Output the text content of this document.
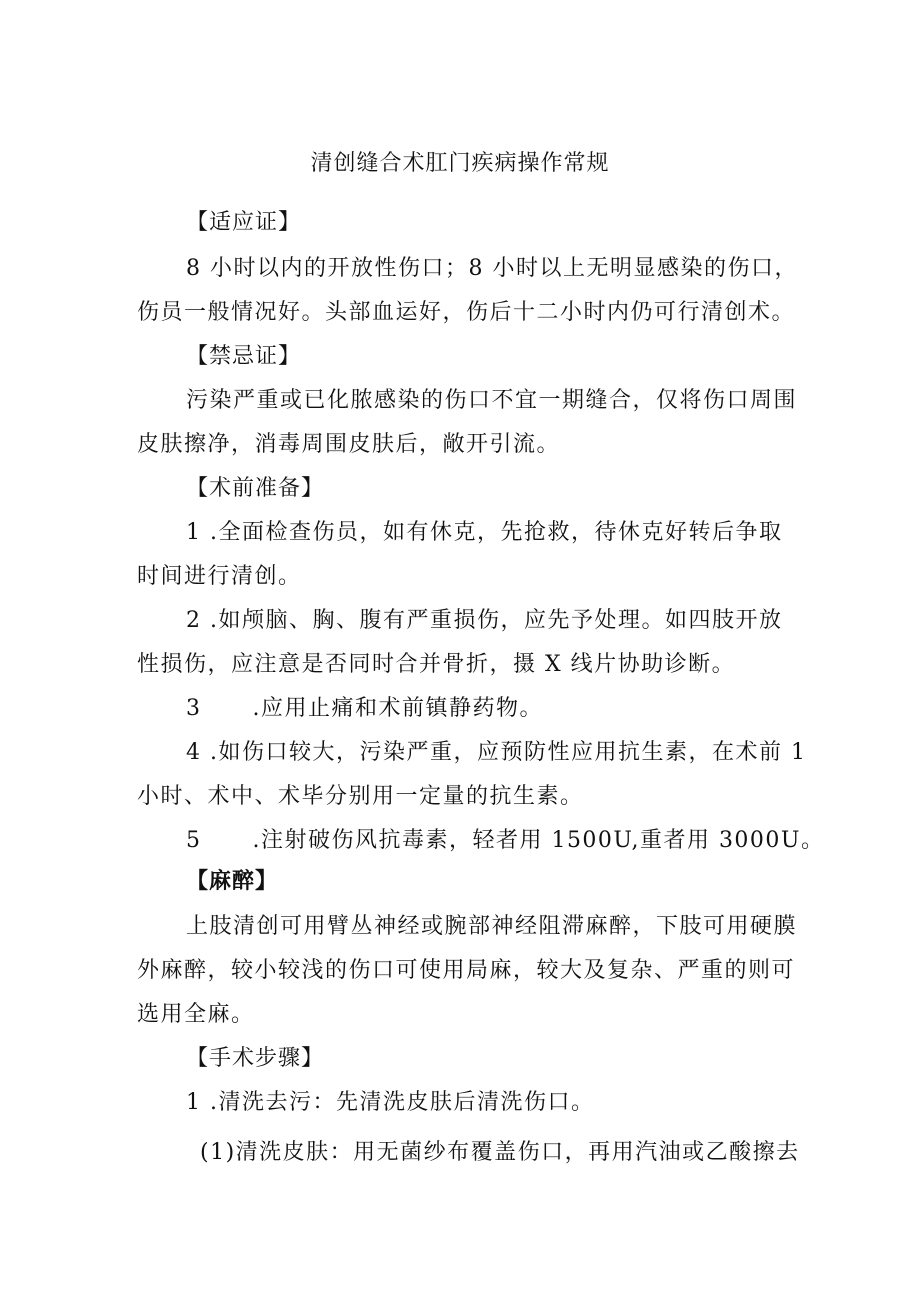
清创缝合术肛门疾病操作常规
【适应证】
8 小时以内的开放性伤口；8 小时以上无明显感染的伤口，
伤员一般情况好。头部血运好，伤后十二小时内仍可行清创术。
【禁忌证】
污染严重或已化脓感染的伤口不宜一期缝合，仅将伤口周围
皮肤擦净，消毒周围皮肤后，敞开引流。
【术前准备】
1 .全面检查伤员，如有休克，先抢救，待休克好转后争取
时间进行清创。
2 .如颅脑、胸、腹有严重损伤，应先予处理。如四肢开放
性损伤，应注意是否同时合并骨折，摄 X 线片协助诊断。
3      .应用止痛和术前镇静药物。
4 .如伤口较大，污染严重，应预防性应用抗生素，在术前 1
小时、术中、术毕分别用一定量的抗生素。
5      .注射破伤风抗毒素，轻者用 1500U,重者用 3000U。
【麻醉】
上肢清创可用臂丛神经或腕部神经阻滞麻醉，下肢可用硬膜
外麻醉，较小较浅的伤口可使用局麻，较大及复杂、严重的则可
选用全麻。
【手术步骤】
1 .清洗去污：先清洗皮肤后清洗伤口。
(1)清洗皮肤：用无菌纱布覆盖伤口，再用汽油或乙酸擦去
